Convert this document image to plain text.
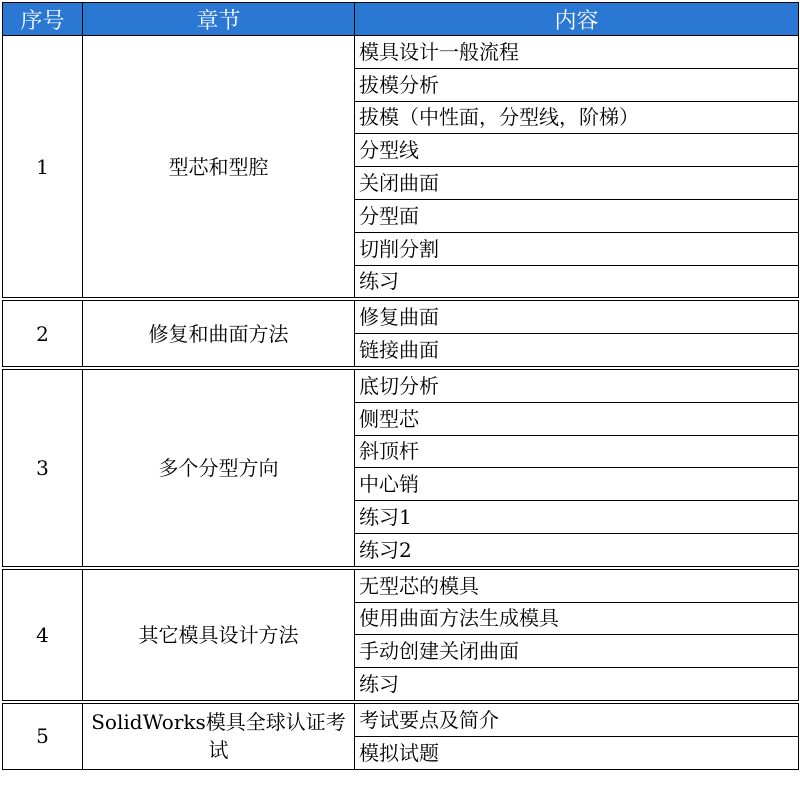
序号	章节	内容
1	型芯和型腔	模具设计一般流程
		拔模分析
		拔模（中性面，分型线，阶梯）
		分型线
		关闭曲面
		分型面
		切削分割
		练习
2	修复和曲面方法	修复曲面
		链接曲面
3	多个分型方向	底切分析
		侧型芯
		斜顶杆
		中心销
		练习1
		练习2
4	其它模具设计方法	无型芯的模具
		使用曲面方法生成模具
		手动创建关闭曲面
		练习
5	SolidWorks模具全球认证考试	考试要点及简介
		模拟试题
